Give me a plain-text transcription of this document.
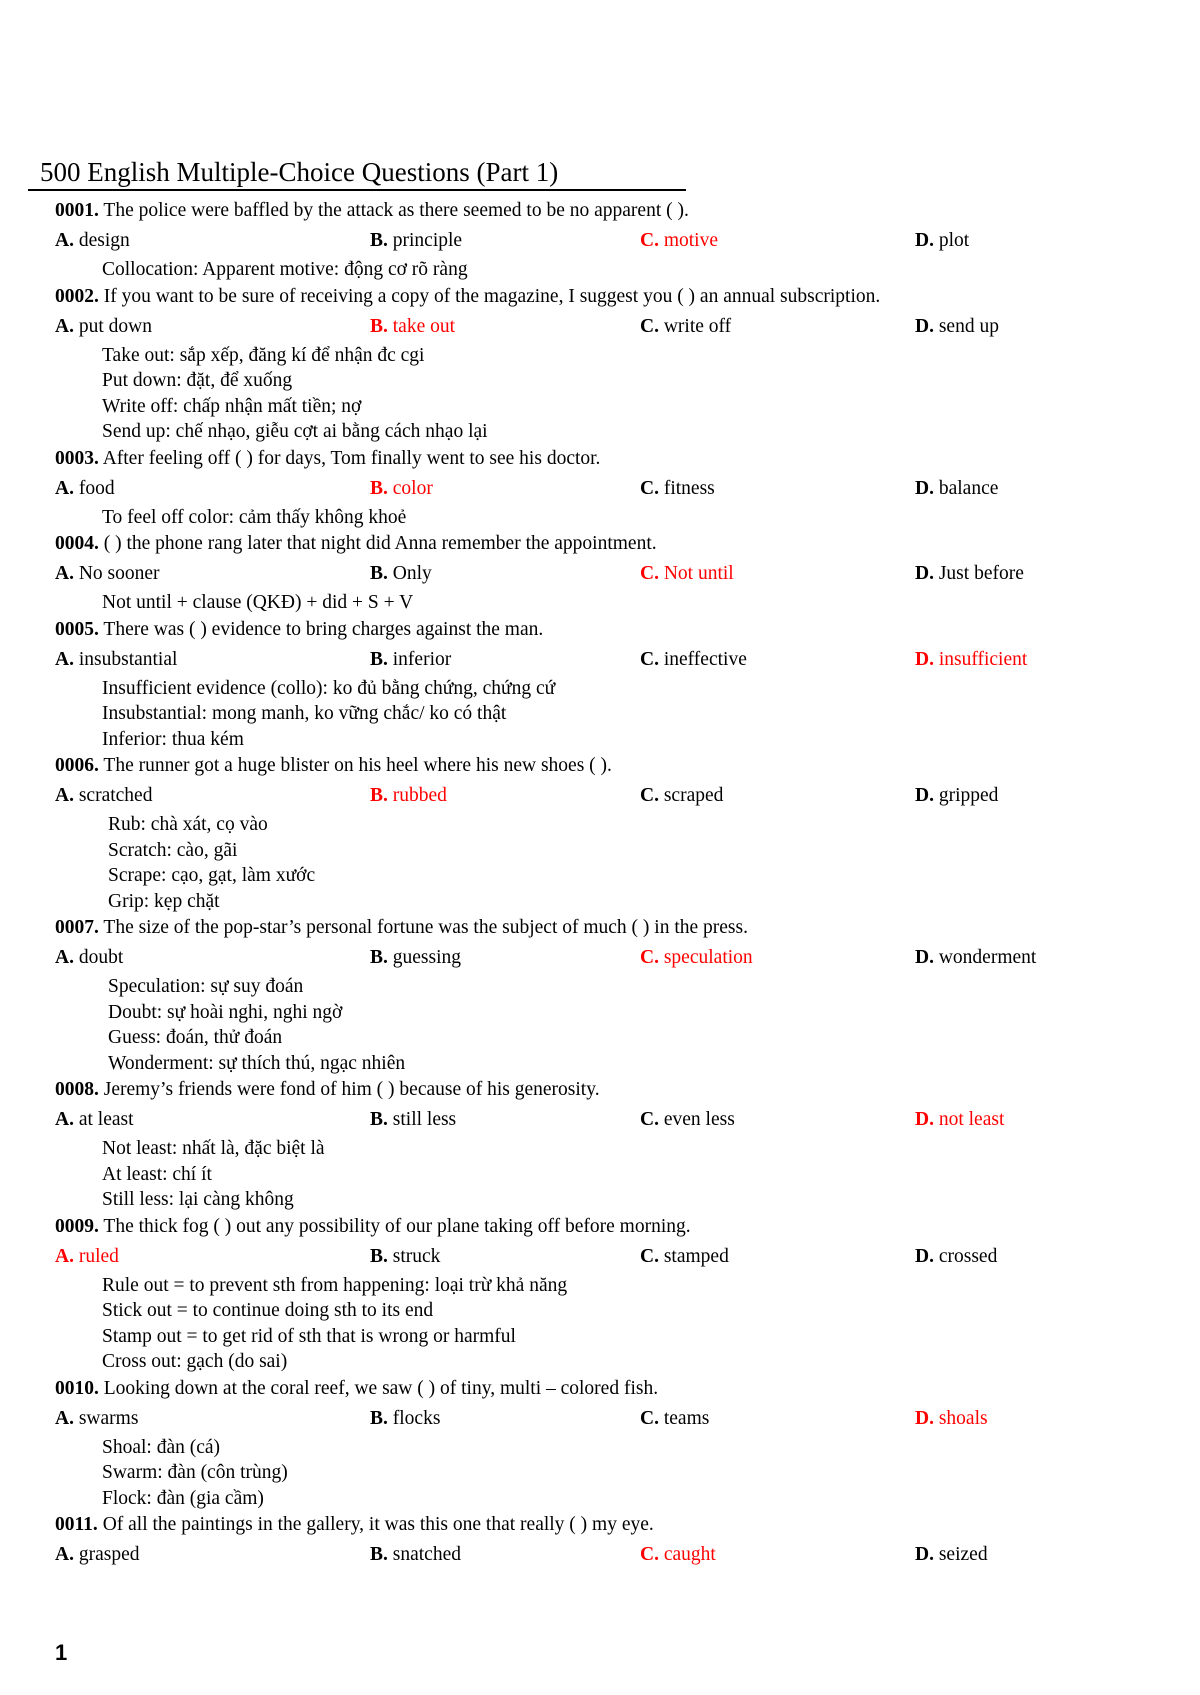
500 English Multiple-Choice Questions (Part 1)
0001. The police were baffled by the attack as there seemed to be no apparent ( ).
A. design	B. principle	C. motive	D. plot
Collocation: Apparent motive: động cơ rõ ràng
0002. If you want to be sure of receiving a copy of the magazine, I suggest you ( ) an annual subscription.
A. put down	B. take out	C. write off	D. send up
Take out: sắp xếp, đăng kí để nhận đc cgi
Put down: đặt, để xuống
Write off: chấp nhận mất tiền; nợ
Send up: chế nhạo, giễu cợt ai bằng cách nhạo lại
0003. After feeling off ( ) for days, Tom finally went to see his doctor.
A. food	B. color	C. fitness	D. balance
To feel off color: cảm thấy không khoẻ
0004. ( ) the phone rang later that night did Anna remember the appointment.
A. No sooner	B. Only	C. Not until	D. Just before
Not until + clause (QKĐ) + did + S + V
0005. There was ( ) evidence to bring charges against the man.
A. insubstantial	B. inferior	C. ineffective	D. insufficient
Insufficient evidence (collo): ko đủ bằng chứng, chứng cứ
Insubstantial: mong manh, ko vững chắc/ ko có thật
Inferior: thua kém
0006. The runner got a huge blister on his heel where his new shoes ( ).
A. scratched	B. rubbed	C. scraped	D. gripped
Rub: chà xát, cọ vào
Scratch: cào, gãi
Scrape: cạo, gạt, làm xước
Grip: kẹp chặt
0007. The size of the pop-star’s personal fortune was the subject of much ( ) in the press.
A. doubt	B. guessing	C. speculation	D. wonderment
Speculation: sự suy đoán
Doubt: sự hoài nghi, nghi ngờ
Guess: đoán, thử đoán
Wonderment: sự thích thú, ngạc nhiên
0008. Jeremy’s friends were fond of him ( ) because of his generosity.
A. at least	B. still less	C. even less	D. not least
Not least: nhất là, đặc biệt là
At least: chí ít
Still less: lại càng không
0009. The thick fog ( ) out any possibility of our plane taking off before morning.
A. ruled	B. struck	C. stamped	D. crossed
Rule out = to prevent sth from happening: loại trừ khả năng
Stick out = to continue doing sth to its end
Stamp out = to get rid of sth that is wrong or harmful
Cross out: gạch (do sai)
0010. Looking down at the coral reef, we saw ( ) of tiny, multi – colored fish.
A. swarms	B. flocks	C. teams	D. shoals
Shoal: đàn (cá)
Swarm: đàn (côn trùng)
Flock: đàn (gia cầm)
0011. Of all the paintings in the gallery, it was this one that really ( ) my eye.
A. grasped	B. snatched	C. caught	D. seized
1
